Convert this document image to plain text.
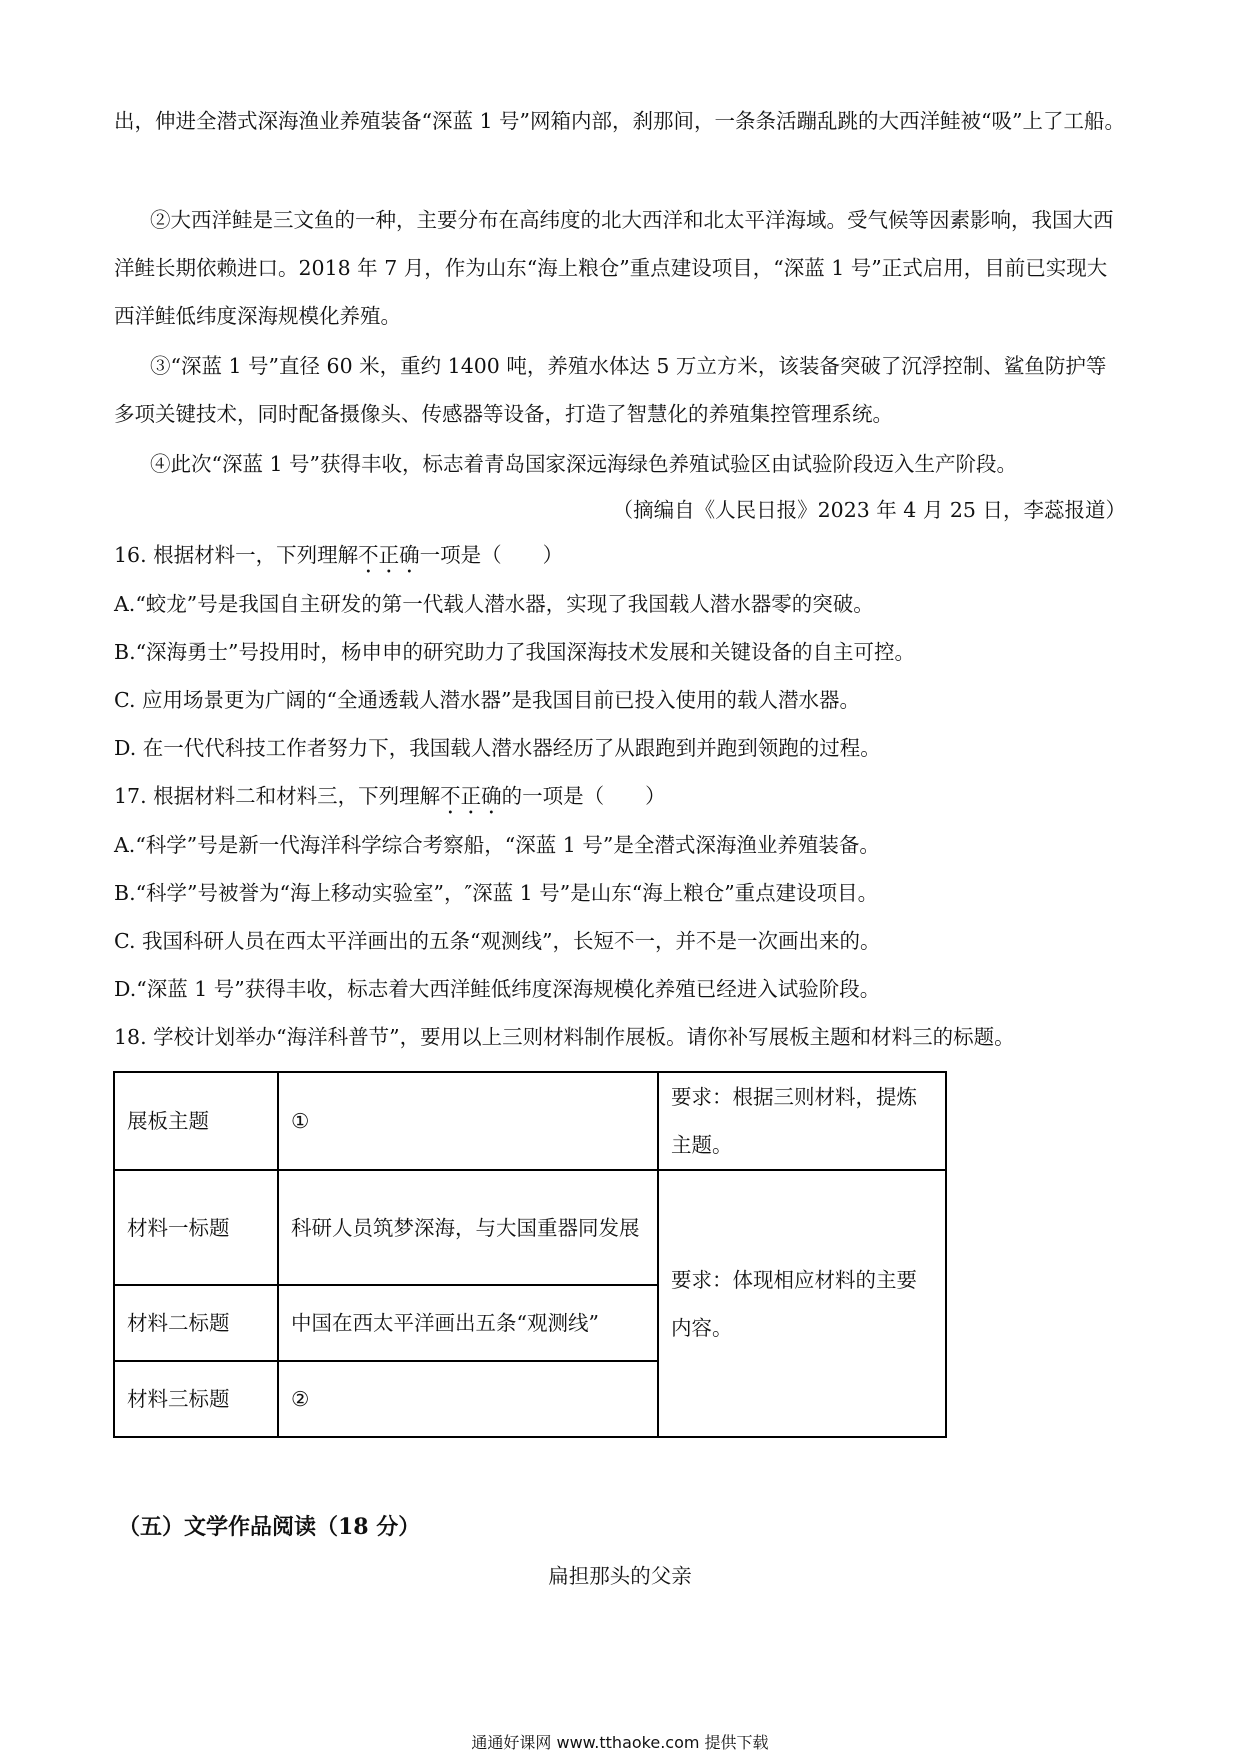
出，伸进全潜式深海渔业养殖装备“深蓝 1 号”网箱内部，刹那间，一条条活蹦乱跳的大西洋鲑被“吸”上了工船。

②大西洋鲑是三文鱼的一种，主要分布在高纬度的北大西洋和北太平洋海域。受气候等因素影响，我国大西洋鲑长期依赖进口。2018 年 7 月，作为山东“海上粮仓”重点建设项目，“深蓝 1 号”正式启用，目前已实现大西洋鲑低纬度深海规模化养殖。

③“深蓝 1 号”直径 60 米，重约 1400 吨，养殖水体达 5 万立方米，该装备突破了沉浮控制、鲨鱼防护等多项关键技术，同时配备摄像头、传感器等设备，打造了智慧化的养殖集控管理系统。

④此次“深蓝 1 号”获得丰收，标志着青岛国家深远海绿色养殖试验区由试验阶段迈入生产阶段。

（摘编自《人民日报》2023 年 4 月 25 日，李蕊报道）
16. 根据材料一，下列理解不正确一项是（　　）
A.“蛟龙”号是我国自主研发的第一代载人潜水器，实现了我国载人潜水器零的突破。
B.“深海勇士”号投用时，杨申申的研究助力了我国深海技术发展和关键设备的自主可控。
C. 应用场景更为广阔的“全通透载人潜水器”是我国目前已投入使用的载人潜水器。
D. 在一代代科技工作者努力下，我国载人潜水器经历了从跟跑到并跑到领跑的过程。
17. 根据材料二和材料三，下列理解不正确的一项是（　　）
A.“科学”号是新一代海洋科学综合考察船，“深蓝 1 号”是全潜式深海渔业养殖装备。
B.“科学”号被誉为“海上移动实验室”，″深蓝 1 号”是山东“海上粮仓”重点建设项目。
C. 我国科研人员在西太平洋画出的五条“观测线”，长短不一，并不是一次画出来的。
D.“深蓝 1 号”获得丰收，标志着大西洋鲑低纬度深海规模化养殖已经进入试验阶段。
18. 学校计划举办“海洋科普节”，要用以上三则材料制作展板。请你补写展板主题和材料三的标题。
展板主题	①	要求：根据三则材料，提炼主题。
材料一标题	科研人员筑梦深海，与大国重器同发展	要求：体现相应材料的主要内容。
材料二标题	中国在西太平洋画出五条“观测线”	
材料三标题	②	
（五）文学作品阅读（18 分）
扁担那头的父亲
通通好课网 www.tthaoke.com 提供下载
